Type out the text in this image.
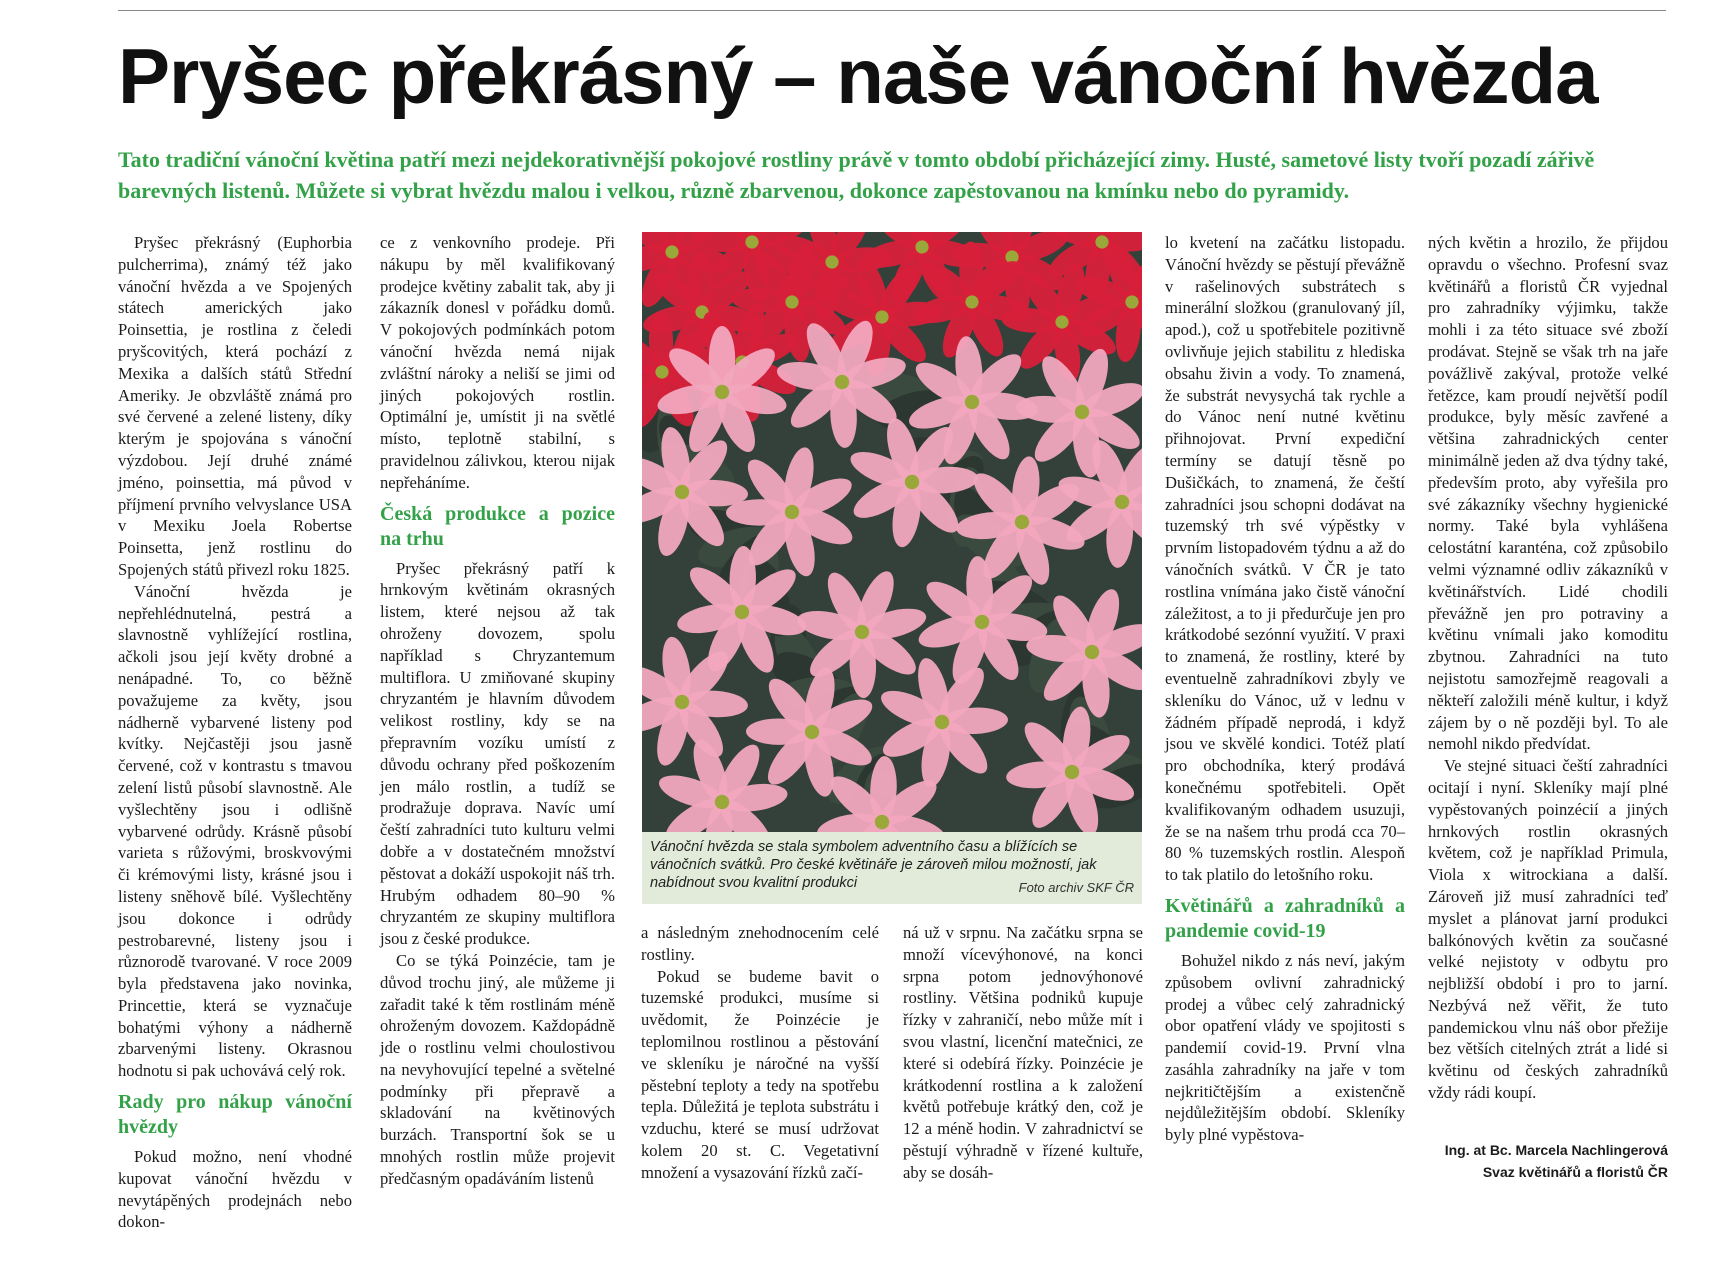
Pryšec překrásný – naše vánoční hvězda

Tato tradiční vánoční květina patří mezi nejdekorativnější pokojové rostliny právě v tomto období přicházející zimy. Husté, sametové listy tvoří pozadí zářivě barevných listenů. Můžete si vybrat hvězdu malou i velkou, různě zbarvenou, dokonce zapěstovanou na kmínku nebo do pyramidy.

Pryšec překrásný (Euphorbia pulcherrima), známý též jako vánoční hvězda a ve Spojených státech amerických jako Poinsettia, je rostlina z čeledi pryšcovitých, která pochází z Mexika a dalších států Střední Ameriky. Je obzvláště známá pro své červené a zelené listeny, díky kterým je spojována s vánoční výzdobou. Její druhé známé jméno, poinsettia, má původ v příjmení prvního velvyslance USA v Mexiku Joela Robertse Poinsetta, jenž rostlinu do Spojených států přivezl roku 1825.

Vánoční hvězda je nepřehlédnutelná, pestrá a slavnostně vyhlížející rostlina, ačkoli jsou její květy drobné a nenápadné. To, co běžně považujeme za květy, jsou nádherně vybarvené listeny pod kvítky. Nejčastěji jsou jasně červené, což v kontrastu s tmavou zelení listů působí slavnostně. Ale vyšlechtěny jsou i odlišně vybarvené odrůdy. Krásně působí varieta s růžovými, broskvovými či krémovými listy, krásné jsou i listeny sněhově bílé. Vyšlechtěny jsou dokonce i odrůdy pestrobarevné, listeny jsou i různorodě tvarované. V roce 2009 byla představena jako novinka, Princettie, která se vyznačuje bohatými výhony a nádherně zbarvenými listeny. Okrasnou hodnotu si pak uchovává celý rok.

Rady pro nákup vánoční hvězdy

Pokud možno, není vhodné kupovat vánoční hvězdu v nevytápěných prodejnách nebo dokon-

ce z venkovního prodeje. Při nákupu by měl kvalifikovaný prodejce květiny zabalit tak, aby ji zákazník donesl v pořádku domů. V pokojových podmínkách potom vánoční hvězda nemá nijak zvláštní nároky a neliší se jimi od jiných pokojových rostlin. Optimální je, umístit ji na světlé místo, teplotně stabilní, s pravidelnou zálivkou, kterou nijak nepřeháníme.

Česká produkce a pozice na trhu

Pryšec překrásný patří k hrnkovým květinám okrasných listem, které nejsou až tak ohroženy dovozem, spolu například s Chryzantemum multiflora. U zmiňované skupiny chryzantém je hlavním důvodem velikost rostliny, kdy se na přepravním vozíku umístí z důvodu ochrany před poškozením jen málo rostlin, a tudíž se prodražuje doprava. Navíc umí čeští zahradníci tuto kulturu velmi dobře a v dostatečném množství pěstovat a dokáží uspokojit náš trh. Hrubým odhadem 80–90 % chryzantém ze skupiny multiflora jsou z české produkce.

Co se týká Poinzécie, tam je důvod trochu jiný, ale můžeme ji zařadit také k těm rostlinám méně ohroženým dovozem. Každopádně jde o rostlinu velmi choulostivou na nevyhovující tepelné a světelné podmínky při přepravě a skladování na květinových burzách. Transportní šok se u mnohých rostlin může projevit předčasným opadáváním listenů

Vánoční hvězda se stala symbolem adventního času a blížících se vánočních svátků. Pro české květináře je zároveň milou možností, jak nabídnout svou kvalitní produkci	Foto archiv SKF ČR

a následným znehodnocením celé rostliny.

Pokud se budeme bavit o tuzemské produkci, musíme si uvědomit, že Poinzécie je teplomilnou rostlinou a pěstování ve skleníku je náročné na vyšší pěstební teploty a tedy na spotřebu tepla. Důležitá je teplota substrátu i vzduchu, které se musí udržovat kolem 20 st. C. Vegetativní množení a vysazování řízků začí-

ná už v srpnu. Na začátku srpna se množí vícevýhonové, na konci srpna potom jednovýhonové rostliny. Většina podniků kupuje řízky v zahraničí, nebo může mít i svou vlastní, licenční matečnici, ze které si odebírá řízky. Poinzécie je krátkodenní rostlina a k založení květů potřebuje krátký den, což je 12 a méně hodin. V zahradnictví se pěstují výhradně v řízené kultuře, aby se dosáh-

lo kvetení na začátku listopadu. Vánoční hvězdy se pěstují převážně v rašelinových substrátech s minerální složkou (granulovaný jíl, apod.), což u spotřebitele pozitivně ovlivňuje jejich stabilitu z hlediska obsahu živin a vody. To znamená, že substrát nevysychá tak rychle a do Vánoc není nutné květinu přihnojovat. První expediční termíny se datují těsně po Dušičkách, to znamená, že čeští zahradníci jsou schopni dodávat na tuzemský trh své výpěstky v prvním listopadovém týdnu a až do vánočních svátků. V ČR je tato rostlina vnímána jako čistě vánoční záležitost, a to ji předurčuje jen pro krátkodobé sezónní využití. V praxi to znamená, že rostliny, které by eventuelně zahradníkovi zbyly ve skleníku do Vánoc, už v lednu v žádném případě neprodá, i když jsou ve skvělé kondici. Totéž platí pro obchodníka, který prodává konečnému spotřebiteli. Opět kvalifikovaným odhadem usuzuji, že se na našem trhu prodá cca 70–80 % tuzemských rostlin. Alespoň to tak platilo do letošního roku.

Květinářů a zahradníků a pandemie covid-19

Bohužel nikdo z nás neví, jakým způsobem ovlivní zahradnický prodej a vůbec celý zahradnický obor opatření vlády ve spojitosti s pandemií covid-19. První vlna zasáhla zahradníky na jaře v tom nejkritičtějším a existenčně nejdůležitějším období. Skleníky byly plné vypěstova-

ných květin a hrozilo, že přijdou opravdu o všechno. Profesní svaz květinářů a floristů ČR vyjednal pro zahradníky výjimku, takže mohli i za této situace své zboží prodávat. Stejně se však trh na jaře povážlivě zakýval, protože velké řetězce, kam proudí největší podíl produkce, byly měsíc zavřené a většina zahradnických center minimálně jeden až dva týdny také, především proto, aby vyřešila pro své zákazníky všechny hygienické normy. Také byla vyhlášena celostátní karanténa, což způsobilo velmi významné odliv zákazníků v květinářstvích. Lidé chodili převážně jen pro potraviny a květinu vnímali jako komoditu zbytnou. Zahradníci na tuto nejistotu samozřejmě reagovali a někteří založili méně kultur, i když zájem by o ně později byl. To ale nemohl nikdo předvídat.

Ve stejné situaci čeští zahradníci ocitají i nyní. Skleníky mají plné vypěstovaných poinzécií a jiných hrnkových rostlin okrasných květem, což je například Primula, Viola x witrockiana a další. Zároveň již musí zahradníci teď myslet a plánovat jarní produkci balkónových květin za současné velké nejistoty v odbytu pro nejbližší období i pro to jarní. Nezbývá než věřit, že tuto pandemickou vlnu náš obor přežije bez větších citelných ztrát a lidé si květinu od českých zahradníků vždy rádi koupí.

Ing. at Bc. Marcela Nachlingerová
Svaz květinářů a floristů ČR
